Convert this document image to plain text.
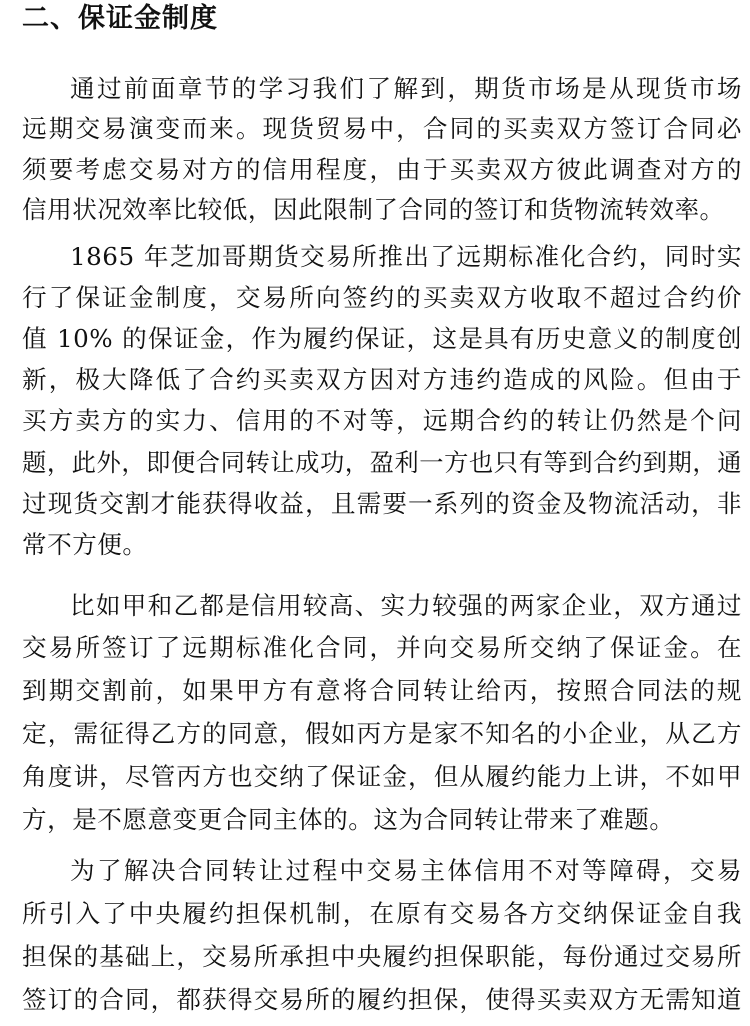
二、保证金制度

通过前面章节的学习我们了解到，期货市场是从现货市场

远期交易演变而来。现货贸易中，合同的买卖双方签订合同必

须要考虑交易对方的信用程度，由于买卖双方彼此调查对方的

信用状况效率比较低，因此限制了合同的签订和货物流转效率。

1865 年芝加哥期货交易所推出了远期标准化合约，同时实

行了保证金制度，交易所向签约的买卖双方收取不超过合约价

值 10% 的保证金，作为履约保证，这是具有历史意义的制度创

新，极大降低了合约买卖双方因对方违约造成的风险。但由于

买方卖方的实力、信用的不对等，远期合约的转让仍然是个问

题，此外，即便合同转让成功，盈利一方也只有等到合约到期，通

过现货交割才能获得收益，且需要一系列的资金及物流活动，非

常不方便。

比如甲和乙都是信用较高、实力较强的两家企业，双方通过

交易所签订了远期标准化合同，并向交易所交纳了保证金。在

到期交割前，如果甲方有意将合同转让给丙，按照合同法的规

定，需征得乙方的同意，假如丙方是家不知名的小企业，从乙方

角度讲，尽管丙方也交纳了保证金，但从履约能力上讲，不如甲

方，是不愿意变更合同主体的。这为合同转让带来了难题。

为了解决合同转让过程中交易主体信用不对等障碍，交易

所引入了中央履约担保机制，在原有交易各方交纳保证金自我

担保的基础上，交易所承担中央履约担保职能，每份通过交易所

签订的合同，都获得交易所的履约担保，使得买卖双方无需知道
